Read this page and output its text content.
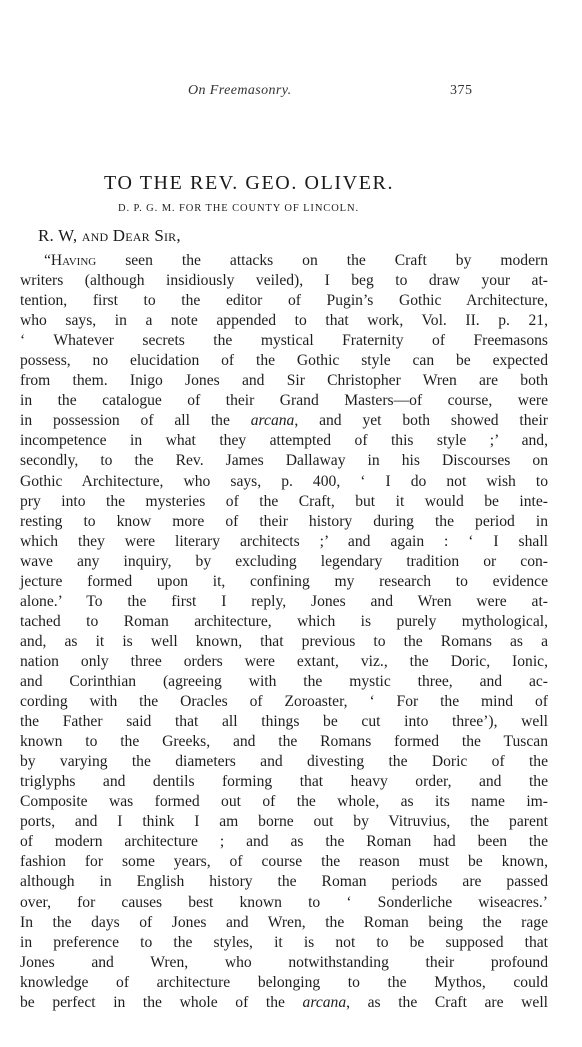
On Freemasonry.	375
TO THE REV. GEO. OLIVER.
D. P. G. M. FOR THE COUNTY OF LINCOLN.
R. W, and Dear Sir,
“Having seen the attacks on the Craft by modern
writers (although insidiously veiled), I beg to draw your at-
tention, first to the editor of Pugin’s Gothic Architecture,
who says, in a note appended to that work, Vol. II. p. 21,
‘ Whatever secrets the mystical Fraternity of Freemasons
possess, no elucidation of the Gothic style can be expected
from them. Inigo Jones and Sir Christopher Wren are both
in the catalogue of their Grand Masters—of course, were
in possession of all the arcana, and yet both showed their
incompetence in what they attempted of this style ;’ and,
secondly, to the Rev. James Dallaway in his Discourses on
Gothic Architecture, who says, p. 400, ‘ I do not wish to
pry into the mysteries of the Craft, but it would be inte-
resting to know more of their history during the period in
which they were literary architects ;’ and again : ‘ I shall
wave any inquiry, by excluding legendary tradition or con-
jecture formed upon it, confining my research to evidence
alone.’ To the first I reply, Jones and Wren were at-
tached to Roman architecture, which is purely mythological,
and, as it is well known, that previous to the Romans as a
nation only three orders were extant, viz., the Doric, Ionic,
and Corinthian (agreeing with the mystic three, and ac-
cording with the Oracles of Zoroaster, ‘ For the mind of
the Father said that all things be cut into three’), well
known to the Greeks, and the Romans formed the Tuscan
by varying the diameters and divesting the Doric of the
triglyphs and dentils forming that heavy order, and the
Composite was formed out of the whole, as its name im-
ports, and I think I am borne out by Vitruvius, the parent
of modern architecture ; and as the Roman had been the
fashion for some years, of course the reason must be known,
although in English history the Roman periods are passed
over, for causes best known to ‘ Sonderliche wiseacres.’
In the days of Jones and Wren, the Roman being the rage
in preference to the styles, it is not to be supposed that
Jones and Wren, who notwithstanding their profound
knowledge of architecture belonging to the Mythos, could
be perfect in the whole of the arcana, as the Craft are well
